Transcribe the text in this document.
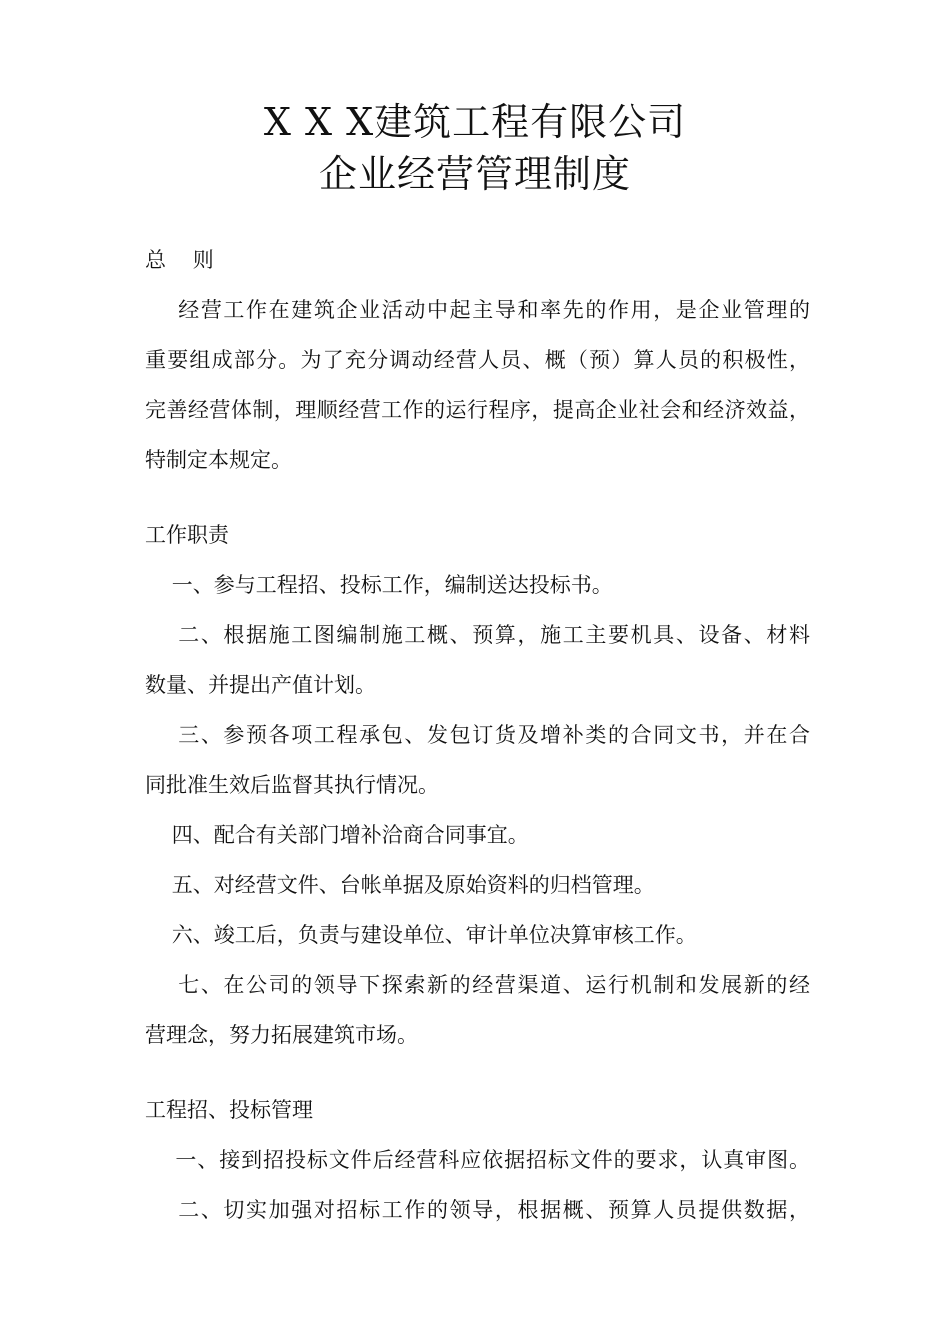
X X X建筑工程有限公司
企业经营管理制度
总    则
经营工作在建筑企业活动中起主导和率先的作用，是企业管理的
重要组成部分。为了充分调动经营人员、概（预）算人员的积极性，
完善经营体制，理顺经营工作的运行程序，提高企业社会和经济效益，
特制定本规定。
工作职责
一、参与工程招、投标工作，编制送达投标书。
二、根据施工图编制施工概、预算，施工主要机具、设备、材料
数量、并提出产值计划。
三、参预各项工程承包、发包订货及增补类的合同文书，并在合
同批准生效后监督其执行情况。
四、配合有关部门增补洽商合同事宜。
五、对经营文件、台帐单据及原始资料的归档管理。
六、竣工后，负责与建设单位、审计单位决算审核工作。
七、在公司的领导下探索新的经营渠道、运行机制和发展新的经
营理念，努力拓展建筑市场。
工程招、投标管理
一、接到招投标文件后经营科应依据招标文件的要求，认真审图。
二、切实加强对招标工作的领导，根据概、预算人员提供数据，
